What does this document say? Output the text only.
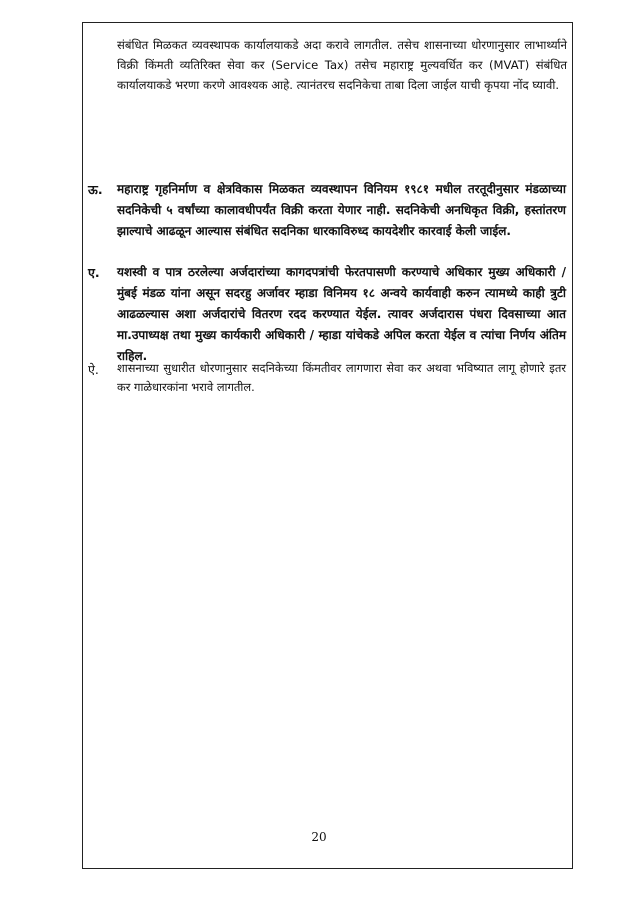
संबंधित मिळकत व्यवस्थापक कार्यालयाकडे अदा करावे लागतील. तसेच शासनाच्या धोरणानुसार लाभार्थ्याने विक्री किंमती व्यतिरिक्त सेवा कर (Service Tax) तसेच महाराष्ट्र मुल्यवर्धित कर (MVAT) संबंधित कार्यालयाकडे भरणा करणे आवश्यक आहे. त्यानंतरच सदनिकेचा ताबा दिला जाईल याची कृपया नोंद घ्यावी.

ऊ.	महाराष्ट्र गृहनिर्माण व क्षेत्रविकास मिळकत व्यवस्थापन विनियम १९८१ मधील तरतूदीनुसार मंडळाच्या सदनिकेची ५ वर्षांच्या कालावधीपर्यंत विक्री करता येणार नाही. सदनिकेची अनधिकृत विक्री, हस्तांतरण झाल्याचे आढळून आल्यास संबंधित सदनिका धारकाविरुध्द कायदेशीर कारवाई केली जाईल.
ए.	यशस्वी व पात्र ठरलेल्या अर्जदारांच्या कागदपत्रांची फेरतपासणी करण्याचे अधिकार मुख्य अधिकारी / मुंबई मंडळ यांना असून सदरहु अर्जावर म्हाडा विनिमय १८ अन्वये कार्यवाही करुन त्यामध्ये काही त्रुटी आढळल्यास अशा अर्जदारांचे वितरण रदद करण्यात येईल. त्यावर अर्जदारास पंधरा दिवसाच्या आत मा.उपाध्यक्ष तथा मुख्य कार्यकारी अधिकारी / म्हाडा यांचेकडे अपिल करता येईल व त्यांचा निर्णय अंतिम राहिल.
ऐ.	शासनाच्या सुधारीत धोरणानुसार सदनिकेच्या किंमतीवर लागणारा सेवा कर अथवा भविष्यात लागू होणारे इतर कर गाळेधारकांना भरावे लागतील.
20
